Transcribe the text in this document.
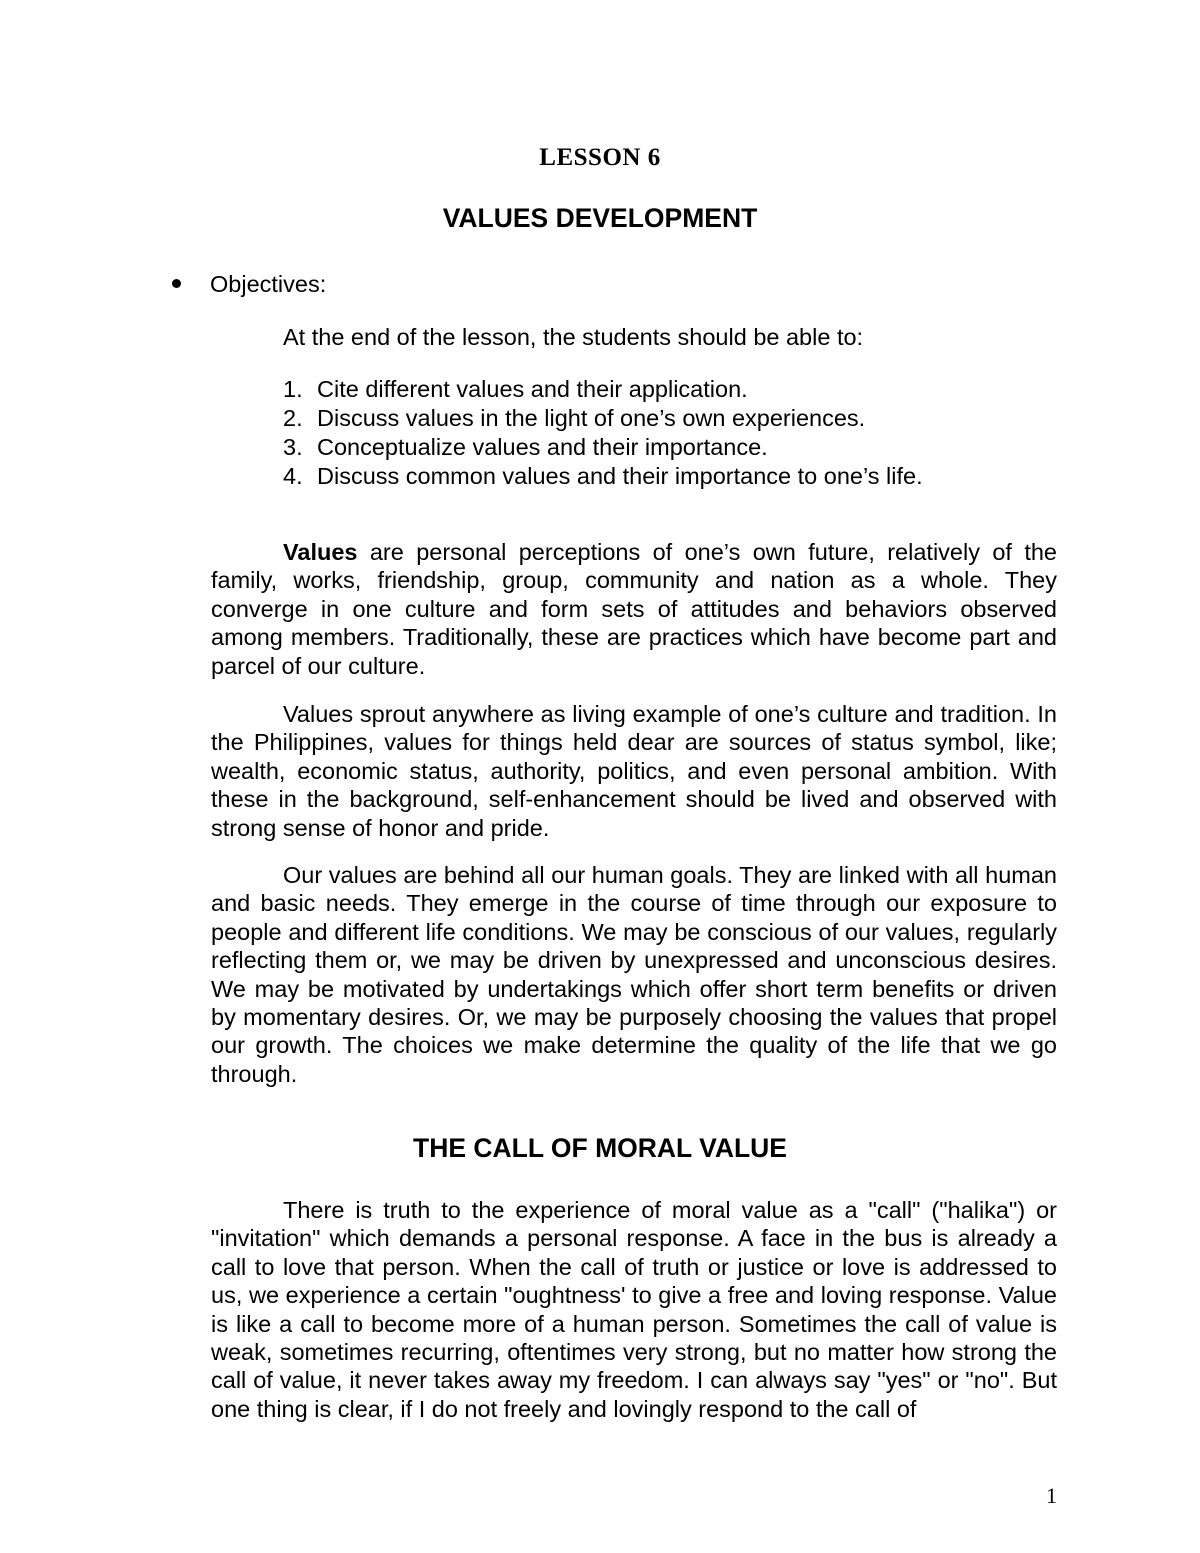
LESSON 6
VALUES DEVELOPMENT
Objectives:
At the end of the lesson, the students should be able to:
1. Cite different values and their application.
2. Discuss values in the light of one’s own experiences.
3. Conceptualize values and their importance.
4. Discuss common values and their importance to one’s life.

Values are personal perceptions of one’s own future, relatively of the family, works, friendship, group, community and nation as a whole. They converge in one culture and form sets of attitudes and behaviors observed among members. Traditionally, these are practices which have become part and parcel of our culture.

Values sprout anywhere as living example of one’s culture and tradition. In the Philippines, values for things held dear are sources of status symbol, like; wealth, economic status, authority, politics, and even personal ambition. With these in the background, self-enhancement should be lived and observed with strong sense of honor and pride.

Our values are behind all our human goals. They are linked with all human and basic needs. They emerge in the course of time through our exposure to people and different life conditions. We may be conscious of our values, regularly reflecting them or, we may be driven by unexpressed and unconscious desires. We may be motivated by undertakings which offer short term benefits or driven by momentary desires. Or, we may be purposely choosing the values that propel our growth. The choices we make determine the quality of the life that we go through.

THE CALL OF MORAL VALUE

There is truth to the experience of moral value as a "call" ("halika") or "invitation" which demands a personal response. A face in the bus is already a call to love that person. When the call of truth or justice or love is addressed to us, we experience a certain "oughtness' to give a free and loving response. Value is like a call to become more of a human person. Sometimes the call of value is weak, sometimes recurring, oftentimes very strong, but no matter how strong the call of value, it never takes away my freedom. I can always say "yes" or "no". But one thing is clear, if I do not freely and lovingly respond to the call of

1
